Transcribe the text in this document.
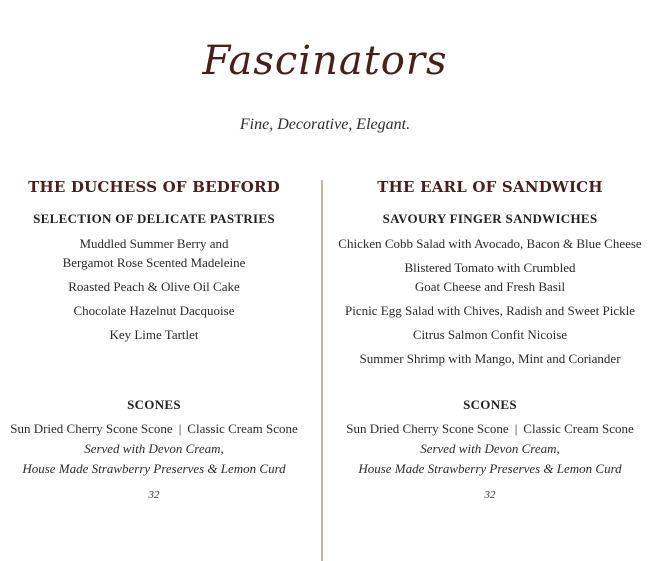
Fascinators
Fine, Decorative, Elegant.
THE DUCHESS OF BEDFORD
SELECTION OF DELICATE PASTRIES
Muddled Summer Berry and
Bergamot Rose Scented Madeleine
Roasted Peach & Olive Oil Cake
Chocolate Hazelnut Dacquoise
Key Lime Tartlet
THE EARL OF SANDWICH
SAVOURY FINGER SANDWICHES
Chicken Cobb Salad with Avocado, Bacon & Blue Cheese
Blistered Tomato with Crumbled
Goat Cheese and Fresh Basil
Picnic Egg Salad with Chives, Radish and Sweet Pickle
Citrus Salmon Confit Nicoise
Summer Shrimp with Mango, Mint and Coriander
SCONES
Sun Dried Cherry Scone Scone | Classic Cream Scone
Served with Devon Cream,
House Made Strawberry Preserves & Lemon Curd
32
SCONES
Sun Dried Cherry Scone Scone | Classic Cream Scone
Served with Devon Cream,
House Made Strawberry Preserves & Lemon Curd
32
